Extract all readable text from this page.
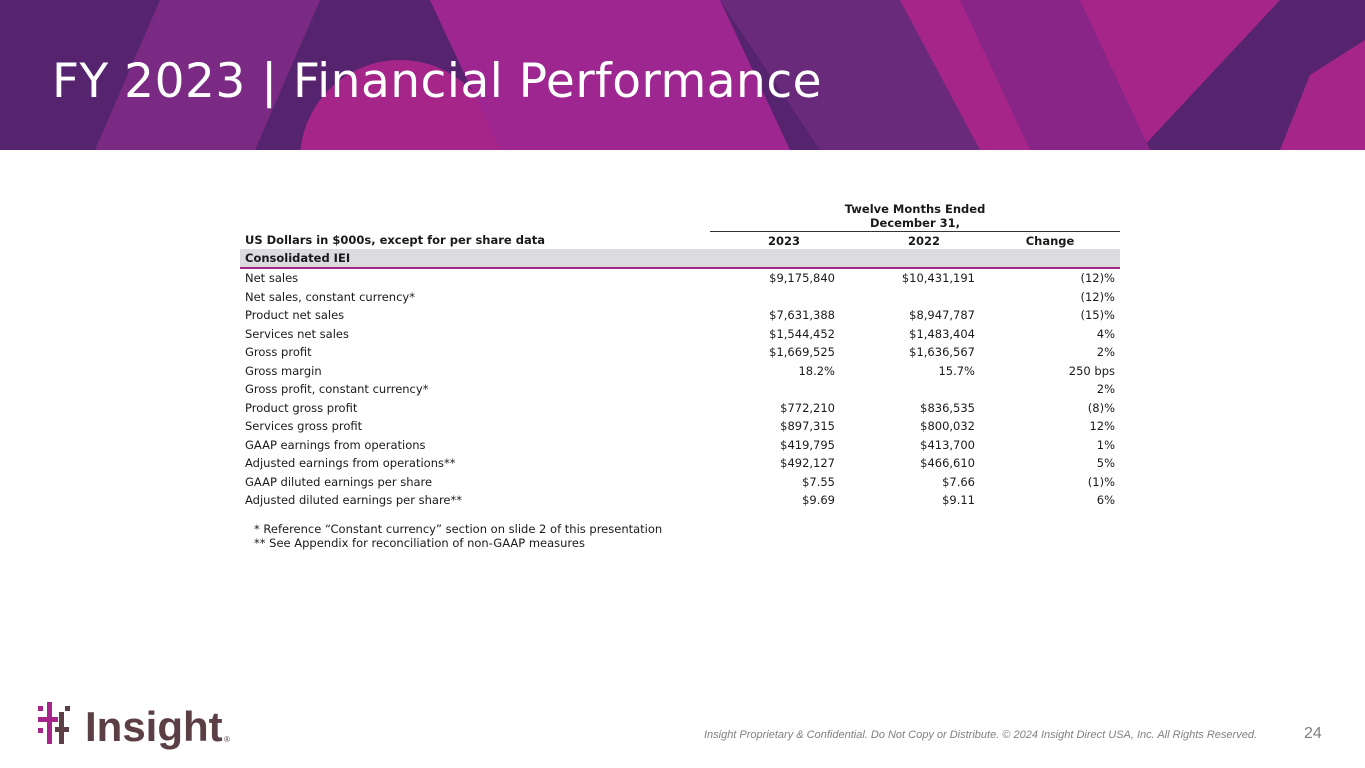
FY 2023 | Financial Performance

	Twelve Months Ended
December 31,		

US Dollars in $000s, except for per share data	2023	2022	Change
Consolidated IEI			
Net sales	$9,175,840	$10,431,191	(12)%
Net sales, constant currency*			(12)%
Product net sales	$7,631,388	$8,947,787	(15)%
Services net sales	$1,544,452	$1,483,404	4%
Gross profit	$1,669,525	$1,636,567	2%
Gross margin	18.2%	15.7%	250 bps
Gross profit, constant currency*			2%
Product gross profit	$772,210	$836,535	(8)%
Services gross profit	$897,315	$800,032	12%
GAAP earnings from operations	$419,795	$413,700	1%
Adjusted earnings from operations**	$492,127	$466,610	5%
GAAP diluted earnings per share	$7.55	$7.66	(1)%
Adjusted diluted earnings per share**	$9.69	$9.11	6%
* Reference “Constant currency” section on slide 2 of this presentation
** See Appendix for reconciliation of non-GAAP measures
Insight ®	Insight Proprietary & Confidential. Do Not Copy or Distribute. © 2024 Insight Direct USA, Inc. All Rights Reserved.	24
